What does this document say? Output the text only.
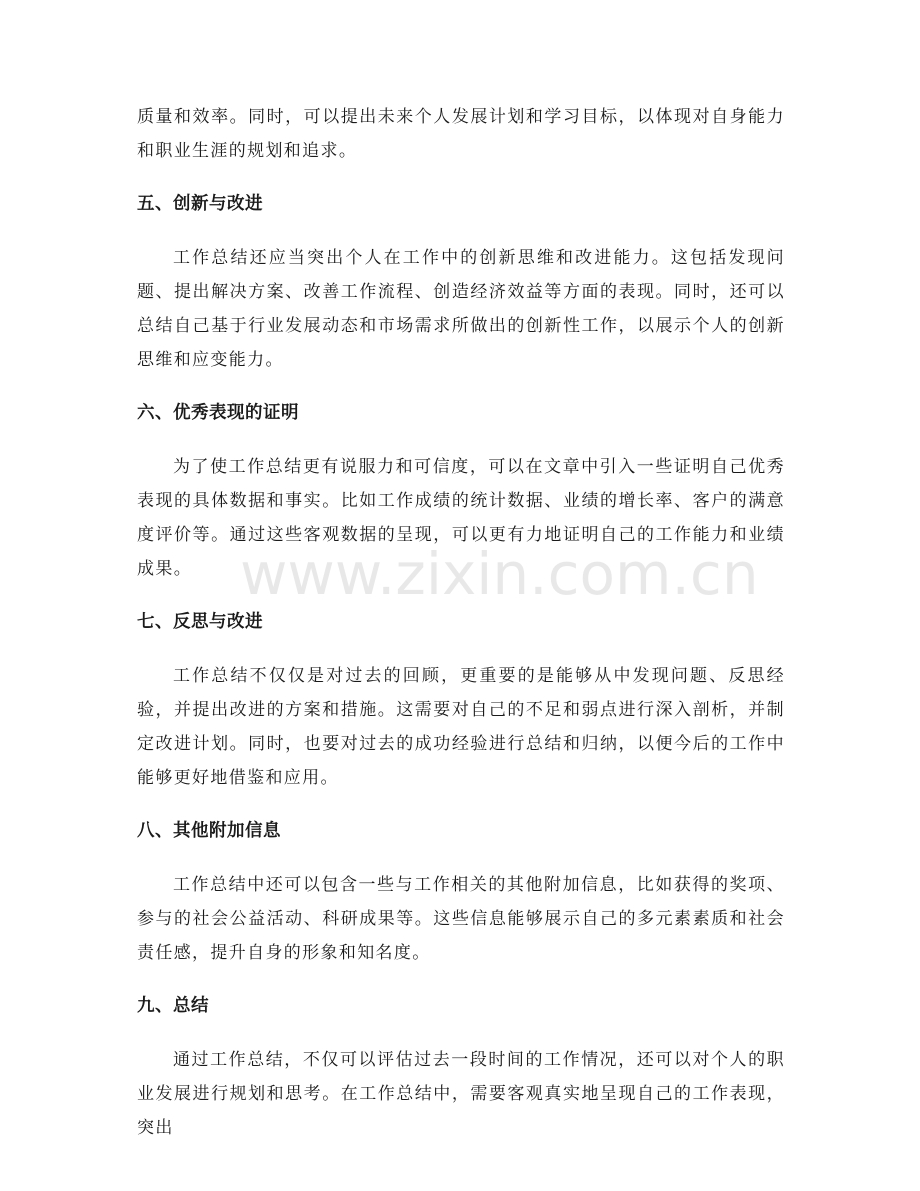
质量和效率。同时，可以提出未来个人发展计划和学习目标，以体现对自身能力和职业生涯的规划和追求。

五、创新与改进

工作总结还应当突出个人在工作中的创新思维和改进能力。这包括发现问题、提出解决方案、改善工作流程、创造经济效益等方面的表现。同时，还可以总结自己基于行业发展动态和市场需求所做出的创新性工作，以展示个人的创新思维和应变能力。

六、优秀表现的证明

为了使工作总结更有说服力和可信度，可以在文章中引入一些证明自己优秀表现的具体数据和事实。比如工作成绩的统计数据、业绩的增长率、客户的满意度评价等。通过这些客观数据的呈现，可以更有力地证明自己的工作能力和业绩成果。

七、反思与改进

工作总结不仅仅是对过去的回顾，更重要的是能够从中发现问题、反思经验，并提出改进的方案和措施。这需要对自己的不足和弱点进行深入剖析，并制定改进计划。同时，也要对过去的成功经验进行总结和归纳，以便今后的工作中能够更好地借鉴和应用。

八、其他附加信息

工作总结中还可以包含一些与工作相关的其他附加信息，比如获得的奖项、参与的社会公益活动、科研成果等。这些信息能够展示自己的多元素素质和社会责任感，提升自身的形象和知名度。

九、总结

通过工作总结，不仅可以评估过去一段时间的工作情况，还可以对个人的职业发展进行规划和思考。在工作总结中，需要客观真实地呈现自己的工作表现，突出

www.zixin.com.cn
